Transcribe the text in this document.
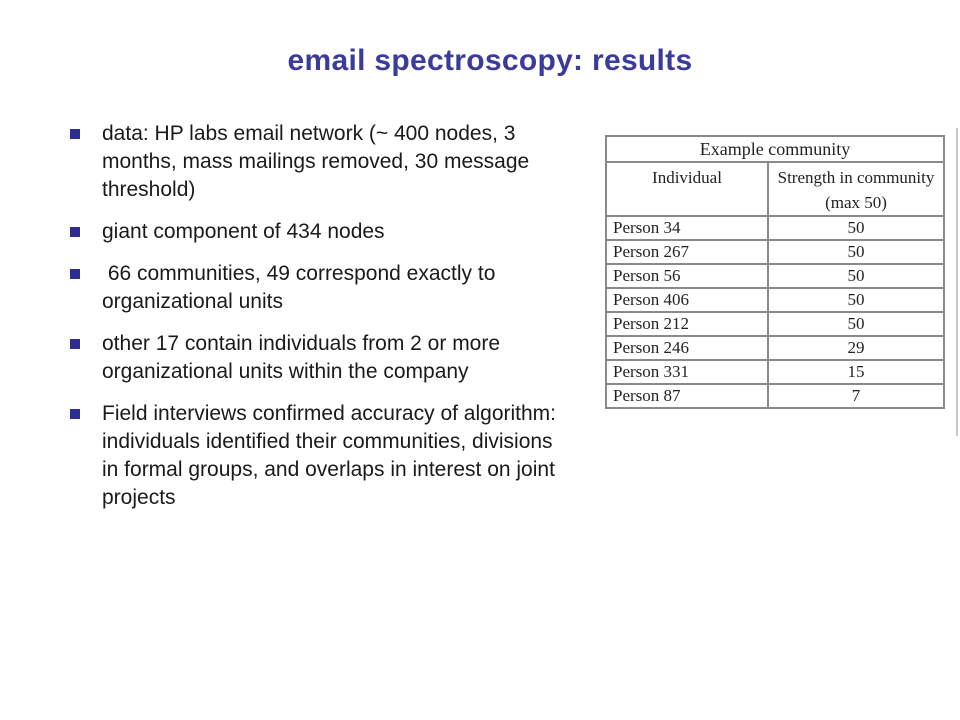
email spectroscopy: results
data: HP labs email network (~ 400 nodes, 3 months, mass mailings removed, 30 message threshold)
giant component of 434 nodes
66 communities, 49 correspond exactly to organizational units
other 17 contain individuals from 2 or more organizational units within the company
Field interviews confirmed accuracy of algorithm: individuals identified their communities, divisions in formal groups, and overlaps in interest on joint projects
Example community	
Individual	Strength in community (max 50)
Person 34	50
Person 267	50
Person 56	50
Person 406	50
Person 212	50
Person 246	29
Person 331	15
Person 87	7
